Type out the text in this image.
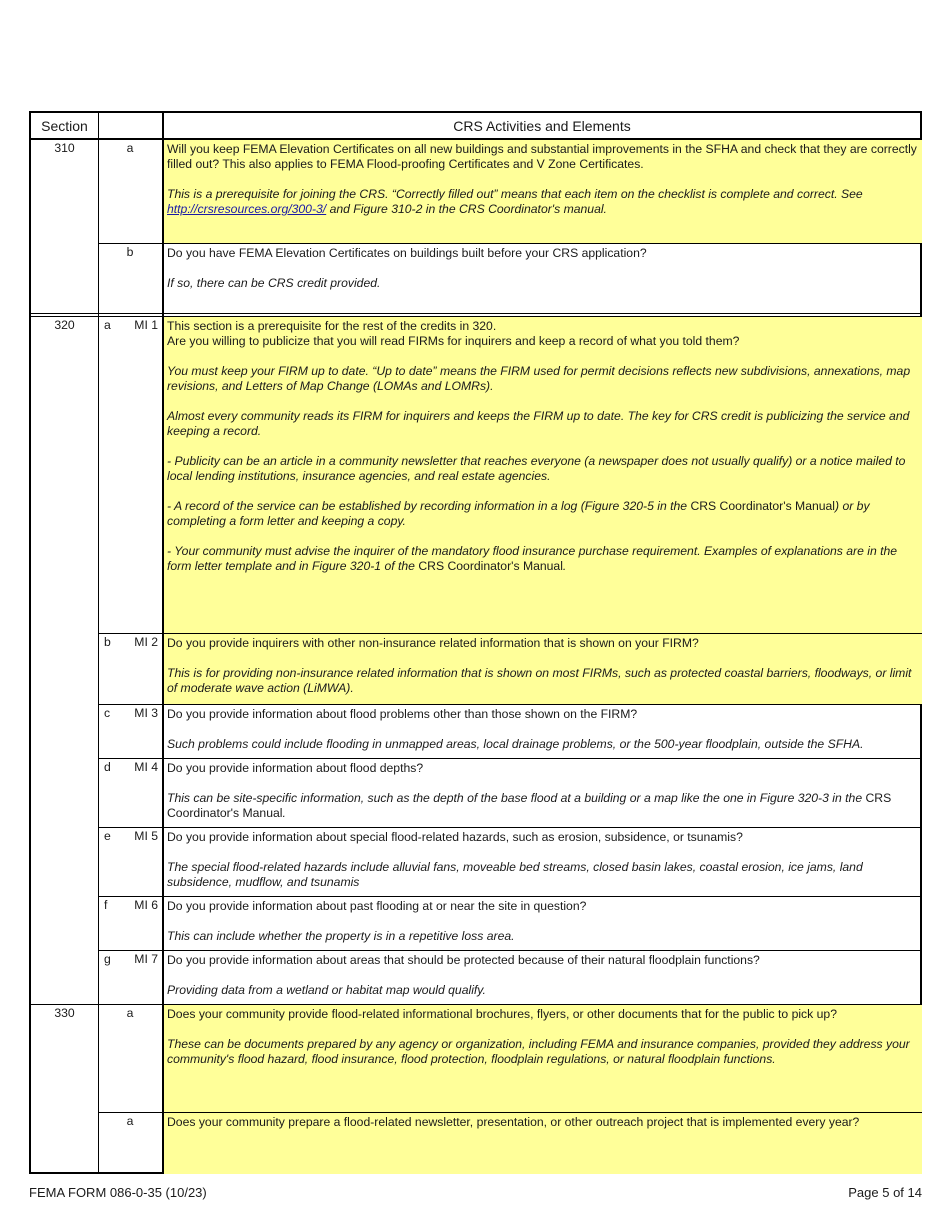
Section	CRS Activities and Elements
310	a	Will you keep FEMA Elevation Certificates on all new buildings and substantial improvements in the SFHA and check that they are correctly filled out? This also applies to FEMA Flood-proofing Certificates and V Zone Certificates.

This is a prerequisite for joining the CRS. “Correctly filled out” means that each item on the checklist is complete and correct. See http://crsresources.org/300-3/ and Figure 310-2 in the CRS Coordinator's manual.

b	Do you have FEMA Elevation Certificates on buildings built before your CRS application?

If so, there can be CRS credit provided.

320	a	MI 1 This section is a prerequisite for the rest of the credits in 320.

Are you willing to publicize that you will read FIRMs for inquirers and keep a record of what you told them?

You must keep your FIRM up to date. “Up to date” means the FIRM used for permit decisions reflects new subdivisions, annexations, map revisions, and Letters of Map Change (LOMAs and LOMRs).

Almost every community reads its FIRM for inquirers and keeps the FIRM up to date. The key for CRS credit is publicizing the service and keeping a record.

- Publicity can be an article in a community newsletter that reaches everyone (a newspaper does not usually qualify) or a notice mailed to local lending institutions, insurance agencies, and real estate agencies.

- A record of the service can be established by recording information in a log (Figure 320-5 in the CRS Coordinator's Manual) or by completing a form letter and keeping a copy.

- Your community must advise the inquirer of the mandatory flood insurance purchase requirement. Examples of explanations are in the form letter template and in Figure 320-1 of the CRS Coordinator's Manual.

b	MI 2 Do you provide inquirers with other non-insurance related information that is shown on your FIRM?

This is for providing non-insurance related information that is shown on most FIRMs, such as protected coastal barriers, floodways, or limit of moderate wave action (LiMWA).

c	MI 3 Do you provide information about flood problems other than those shown on the FIRM?

Such problems could include flooding in unmapped areas, local drainage problems, or the 500-year floodplain, outside the SFHA.

d	MI 4 Do you provide information about flood depths?

This can be site-specific information, such as the depth of the base flood at a building or a map like the one in Figure 320-3 in the CRS Coordinator's Manual.

e	MI 5 Do you provide information about special flood-related hazards, such as erosion, subsidence, or tsunamis?

The special flood-related hazards include alluvial fans, moveable bed streams, closed basin lakes, coastal erosion, ice jams, land subsidence, mudflow, and tsunamis

f	MI 6 Do you provide information about past flooding at or near the site in question?

This can include whether the property is in a repetitive loss area.

g	MI 7 Do you provide information about areas that should be protected because of their natural floodplain functions?

Providing data from a wetland or habitat map would qualify.

330	a	Does your community provide flood-related informational brochures, flyers, or other documents that for the public to pick up?

These can be documents prepared by any agency or organization, including FEMA and insurance companies, provided they address your community's flood hazard, flood insurance, flood protection, floodplain regulations, or natural floodplain functions.

a	Does your community prepare a flood-related newsletter, presentation, or other outreach project that is implemented every year?

FEMA FORM 086-0-35 (10/23)	Page 5 of 14
